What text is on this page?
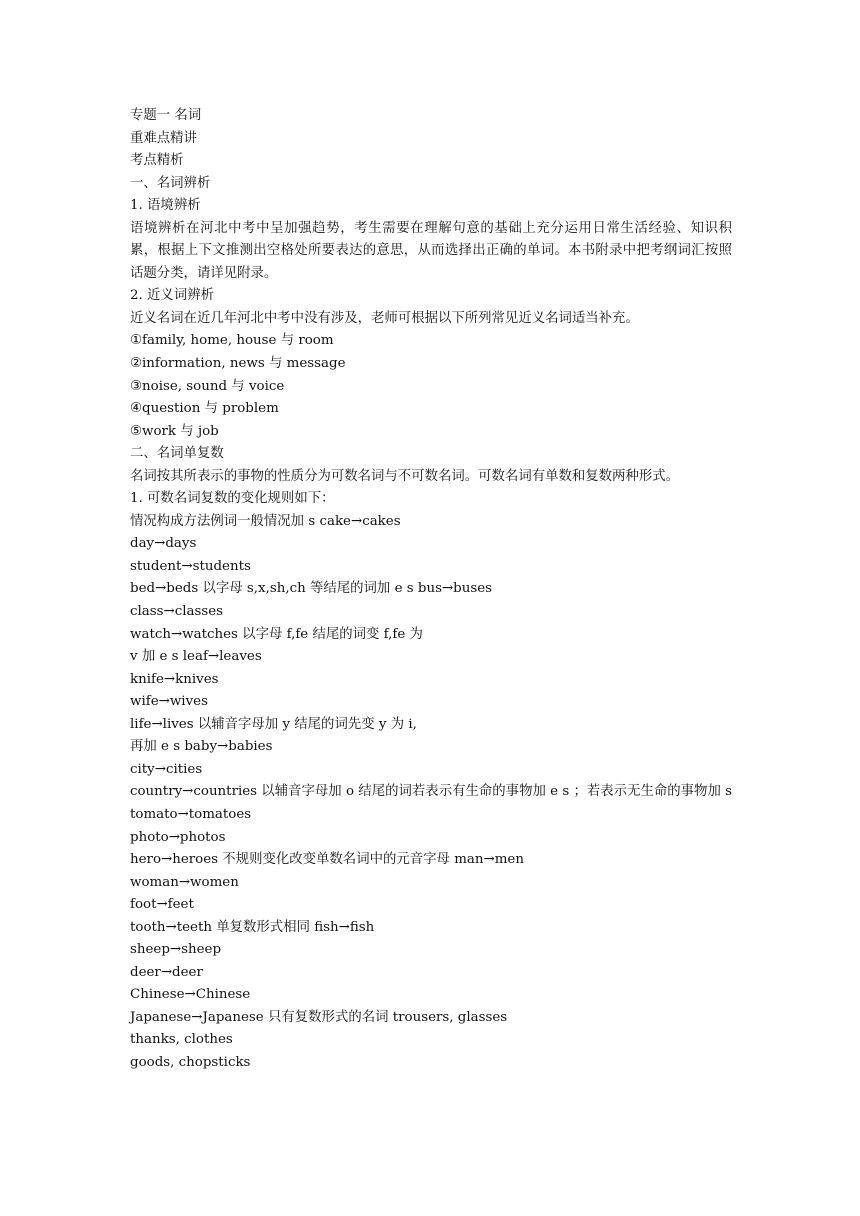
专题一 名词
重难点精讲
考点精析
一、名词辨析
1. 语境辨析
语境辨析在河北中考中呈加强趋势，考生需要在理解句意的基础上充分运用日常生活经验、知识积累，根据上下文推测出空格处所要表达的意思，从而选择出正确的单词。本书附录中把考纲词汇按照话题分类，请详见附录。
2. 近义词辨析
近义名词在近几年河北中考中没有涉及，老师可根据以下所列常见近义名词适当补充。
①family, home, house 与 room
②information, news 与 message
③noise, sound 与 voice
④question 与 problem
⑤work 与 job
二、名词单复数
名词按其所表示的事物的性质分为可数名词与不可数名词。可数名词有单数和复数两种形式。
1. 可数名词复数的变化规则如下：
情况构成方法例词一般情况加 s cake→cakes
day→days
student→students
bed→beds 以字母 s,x,sh,ch 等结尾的词加 e s bus→buses
class→classes
watch→watches 以字母 f,fe 结尾的词变 f,fe 为
v 加 e s leaf→leaves
knife→knives
wife→wives
life→lives 以辅音字母加 y 结尾的词先变 y 为 i,
再加 e s baby→babies
city→cities
country→countries 以辅音字母加 o 结尾的词若表示有生命的事物加 e s ；若表示无生命的事物加 s tomato→tomatoes
photo→photos
hero→heroes 不规则变化改变单数名词中的元音字母 man→men
woman→women
foot→feet
tooth→teeth 单复数形式相同 fish→fish
sheep→sheep
deer→deer
Chinese→Chinese
Japanese→Japanese 只有复数形式的名词 trousers, glasses
thanks, clothes
goods, chopsticks
